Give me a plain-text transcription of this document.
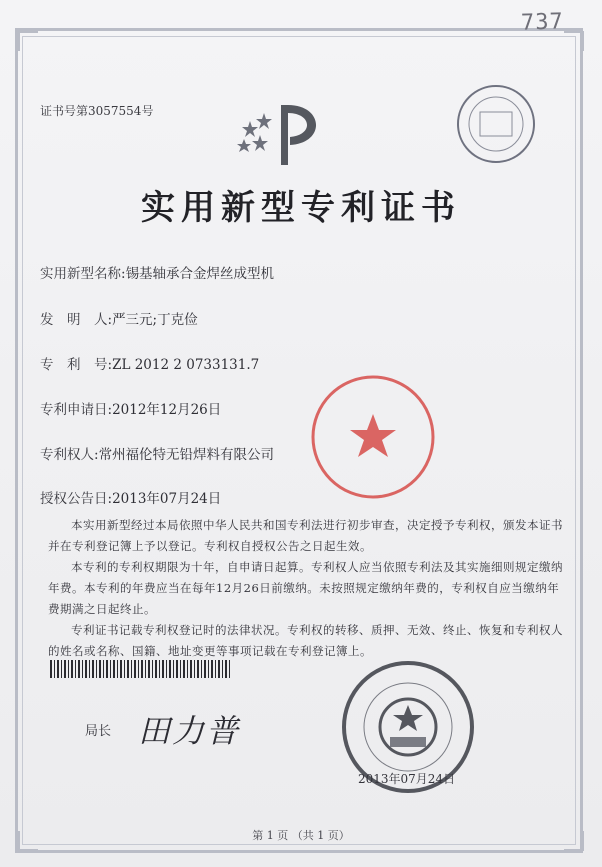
737
证书号第3057554号
实用新型专利证书
实用新型名称:锡基轴承合金焊丝成型机
发　明　人:严三元;丁克俭
专　利　号:ZL 2012 2 0733131.7
专利申请日:2012年12月26日
专利权人:常州福伦特无铅焊料有限公司
授权公告日:2013年07月24日

本实用新型经过本局依照中华人民共和国专利法进行初步审查，决定授予专利权，颁发本证书并在专利登记簿上予以登记。专利权自授权公告之日起生效。

本专利的专利权期限为十年，自申请日起算。专利权人应当依照专利法及其实施细则规定缴纳年费。本专利的年费应当在每年12月26日前缴纳。未按照规定缴纳年费的，专利权自应当缴纳年费期满之日起终止。

专利证书记载专利权登记时的法律状况。专利权的转移、质押、无效、终止、恢复和专利权人的姓名或名称、国籍、地址变更等事项记载在专利登记簿上。

局长 田力普
2013年07月24日
第 1 页 （共 1 页）
